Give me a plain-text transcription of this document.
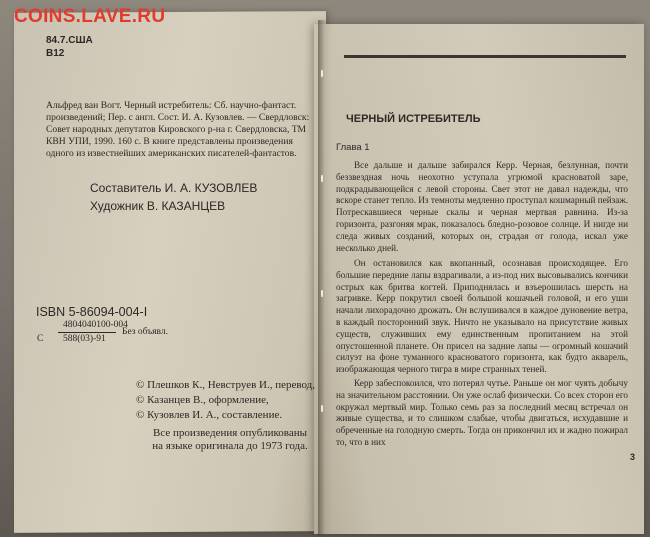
COINS.LAVE.RU
84.7.США
В12
Альфред ван Вогт. Черный истребитель: Сб. научно-фантаст. произведений; Пер. с англ. Сост. И. А. Кузовлев. — Свердловск: Совет народных депутатов Кировского р-на г. Свердловска, ТМ КВН УПИ, 1990. 160 с. В книге представлены произведения одного из известнейших американских писателей-фантастов.
Составитель И. А. КУЗОВЛЕВ
Художник В. КАЗАНЦЕВ
ISBN 5-86094-004-I
С
4804040100-004
588(03)-91
Без объявл.
© Плешков К., Невструев И., перевод,
© Казанцев В., оформление,
© Кузовлев И. А., составление.
Все произведения опубликованы на языке оригинала до 1973 года.
ЧЕРНЫЙ ИСТРЕБИТЕЛЬ
Глава 1
Все дальше и дальше забирался Керр. Черная, безлунная, почти беззвездная ночь неохотно уступала угрюмой красноватой заре, подкрадывающейся с левой стороны. Свет этот не давал надежды, что вскоре станет тепло. Из темноты медленно проступал кошмарный пейзаж. Потрескавшиеся черные скалы и черная мертвая равнина. Из-за горизонта, разгоняя мрак, показалось бледно-розовое солнце. И нигде ни следа живых созданий, которых он, страдая от голода, искал уже несколько дней.
Он остановился как вкопанный, осознавая происходящее. Его большие передние лапы вздрагивали, а из-под них высовывались кончики острых как бритва когтей. Приподнялась и взъерошилась шерсть на загривке. Керр покрутил своей большой кошачьей головой, и его уши начали лихорадочно дрожать. Он вслушивался в каждое дуновение ветра, в каждый посторонний звук. Ничто не указывало на присутствие живых существ, служивших ему единственным пропитанием на этой опустошенной планете. Он присел на задние лапы — огромный кошачий силуэт на фоне туманного красноватого горизонта, как будто акварель, изображающая черного тигра в мире странных теней.
Керр забеспокоился, что потерял чутье. Раньше он мог чуять добычу на значительном расстоянии. Он уже ослаб физически. Со всех сторон его окружал мертвый мир. Только семь раз за последний месяц встречал он живые существа, и то слишком слабые, чтобы двигаться, исхудавшие и обреченные на голодную смерть. Тогда он прикончил их и жадно пожирал то, что в них
3
